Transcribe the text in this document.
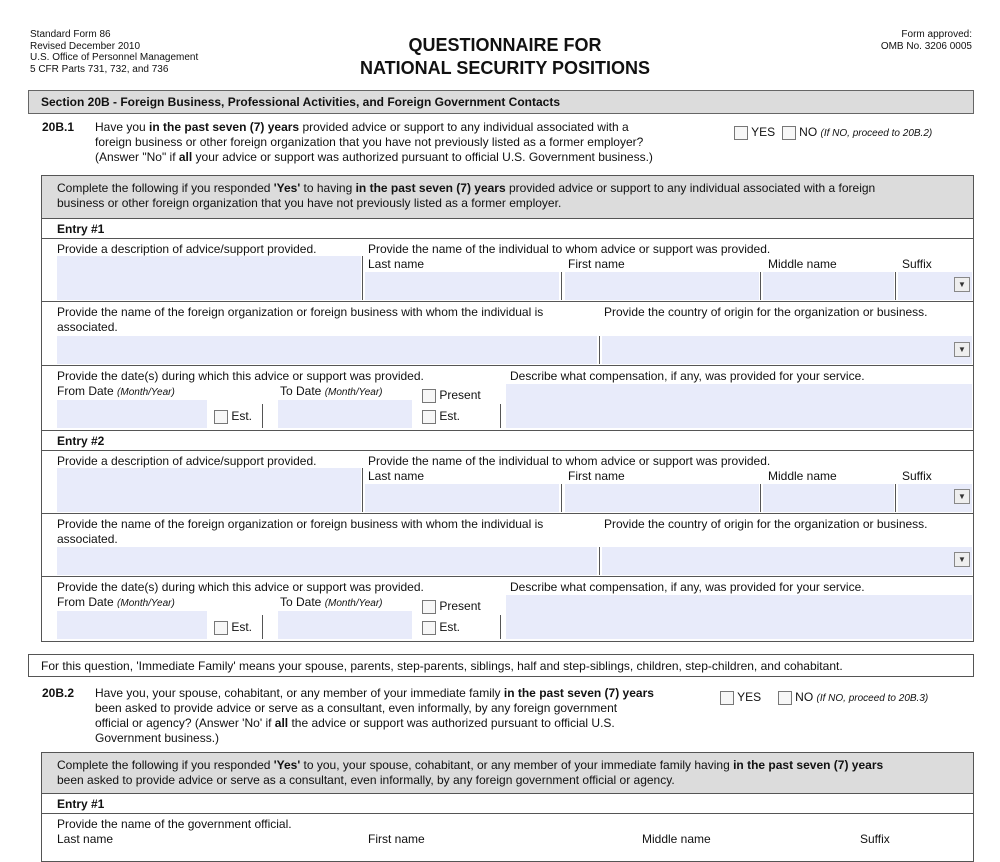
Standard Form 86
Revised December 2010
U.S. Office of Personnel Management
5 CFR Parts 731, 732, and 736
QUESTIONNAIRE FOR
NATIONAL SECURITY POSITIONS
Form approved:
OMB No. 3206 0005
Section 20B - Foreign Business, Professional Activities, and Foreign Government Contacts
20B.1 Have you in the past seven (7) years provided advice or support to any individual associated with a
foreign business or other foreign organization that you have not previously listed as a former employer?
(Answer "No" if all your advice or support was authorized pursuant to official U.S. Government business.)
YES NO (If NO, proceed to 20B.2)
Complete the following if you responded 'Yes' to having in the past seven (7) years provided advice or support to any individual associated with a foreign
business or other foreign organization that you have not previously listed as a former employer.
Entry #1
Provide a description of advice/support provided.	Provide the name of the individual to whom advice or support was provided.
Last name	First name	Middle name	Suffix
▼
Provide the name of the foreign organization or foreign business with whom the individual is
associated.
Provide the country of origin for the organization or business.
▼
Provide the date(s) during which this advice or support was provided.	Describe what compensation, if any, was provided for your service.
From Date (Month/Year)	To Date (Month/Year)
Est.
Present
Est.
Entry #2
Provide a description of advice/support provided.	Provide the name of the individual to whom advice or support was provided.
Last name	First name	Middle name	Suffix
▼
Provide the name of the foreign organization or foreign business with whom the individual is
associated.
Provide the country of origin for the organization or business.
▼
Provide the date(s) during which this advice or support was provided.	Describe what compensation, if any, was provided for your service.
From Date (Month/Year)	To Date (Month/Year)
Est.
Present
Est.
For this question, 'Immediate Family' means your spouse, parents, step-parents, siblings, half and step-siblings, children, step-children, and cohabitant.
20B.2 Have you, your spouse, cohabitant, or any member of your immediate family in the past seven (7) years
been asked to provide advice or serve as a consultant, even informally, by any foreign government
official or agency? (Answer 'No' if all the advice or support was authorized pursuant to official U.S.
Government business.)
YES	NO (If NO, proceed to 20B.3)
Complete the following if you responded 'Yes' to you, your spouse, cohabitant, or any member of your immediate family having in the past seven (7) years
been asked to provide advice or serve as a consultant, even informally, by any foreign government official or agency.
Entry #1
Provide the name of the government official.
Last name	First name	Middle name	Suffix
